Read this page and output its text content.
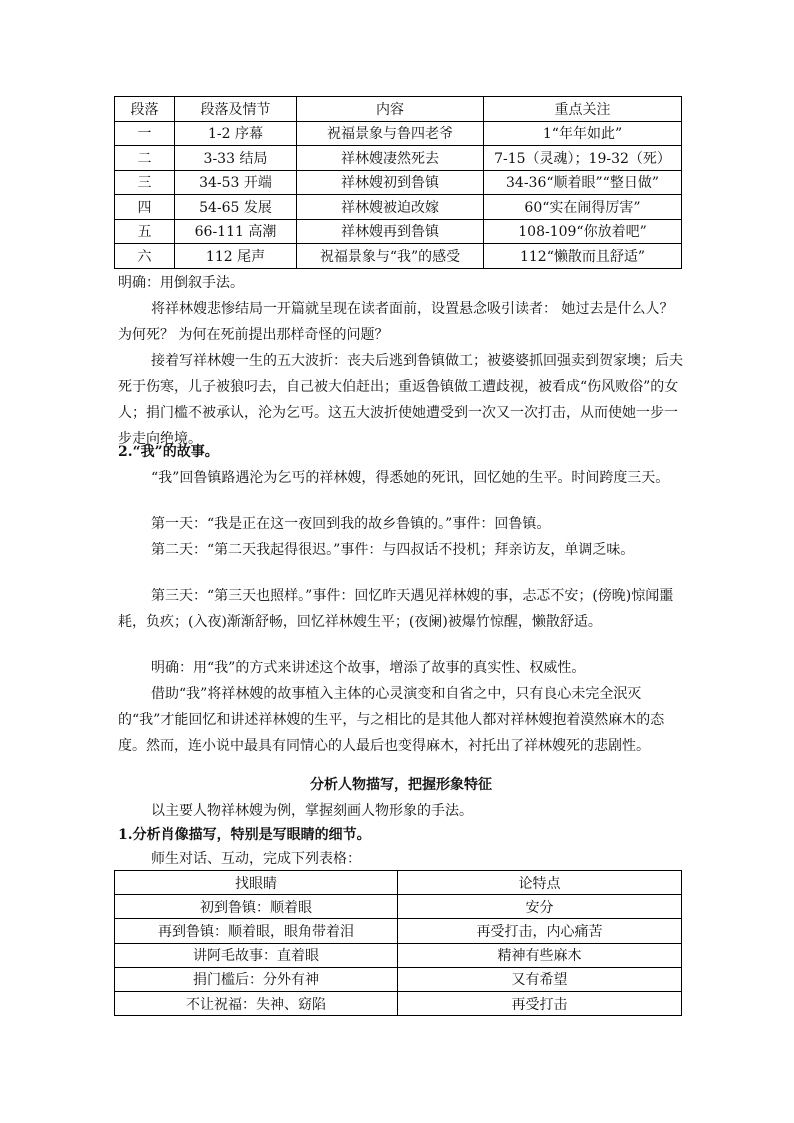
段落	段落及情节	内容	重点关注
一	1-2 序幕	祝福景象与鲁四老爷	1“年年如此”
二	3-33 结局	祥林嫂凄然死去	7-15（灵魂）；19-32（死）
三	34-53 开端	祥林嫂初到鲁镇	34-36“顺着眼”“整日做”
四	54-65 发展	祥林嫂被迫改嫁	60“实在闹得厉害”
五	66-111 高潮	祥林嫂再到鲁镇	108-109“你放着吧”
六	112 尾声	祝福景象与“我”的感受	112“懒散而且舒适”

明确：用倒叙手法。

将祥林嫂悲惨结局一开篇就呈现在读者面前，设置悬念吸引读者： 她过去是什么人？ 为何死？ 为何在死前提出那样奇怪的问题？

接着写祥林嫂一生的五大波折：丧夫后逃到鲁镇做工；被婆婆抓回强卖到贺家墺；后夫死于伤寒，儿子被狼叼去，自己被大伯赶出；重返鲁镇做工遭歧视，被看成“伤风败俗”的女人；捐门槛不被承认，沦为乞丐。这五大波折使她遭受到一次又一次打击，从而使她一步一步走向绝境。

2.“我”的故事。

“我”回鲁镇路遇沦为乞丐的祥林嫂，得悉她的死讯，回忆她的生平。时间跨度三天。

第一天：“我是正在这一夜回到我的故乡鲁镇的。”事件：回鲁镇。

第二天：“第二天我起得很迟。”事件：与四叔话不投机；拜亲访友，单调乏味。

第三天：“第三天也照样。”事件：回忆昨天遇见祥林嫂的事，忐忑不安；(傍晚)惊闻噩耗，负疚；(入夜)渐渐舒畅，回忆祥林嫂生平；(夜阑)被爆竹惊醒，懒散舒适。

明确：用“我”的方式来讲述这个故事，增添了故事的真实性、权威性。

借助“我”将祥林嫂的故事植入主体的心灵演变和自省之中，只有良心未完全泯灭的“我”才能回忆和讲述祥林嫂的生平，与之相比的是其他人都对祥林嫂抱着漠然麻木的态度。然而，连小说中最具有同情心的人最后也变得麻木，衬托出了祥林嫂死的悲剧性。

分析人物描写，把握形象特征

以主要人物祥林嫂为例，掌握刻画人物形象的手法。

1.分析肖像描写，特别是写眼睛的细节。

师生对话、互动，完成下列表格：

找眼睛	论特点
初到鲁镇：顺着眼	安分
再到鲁镇：顺着眼，眼角带着泪	再受打击，内心痛苦
讲阿毛故事：直着眼	精神有些麻木
捐门槛后：分外有神	又有希望
不让祝福：失神、窈陷	再受打击
